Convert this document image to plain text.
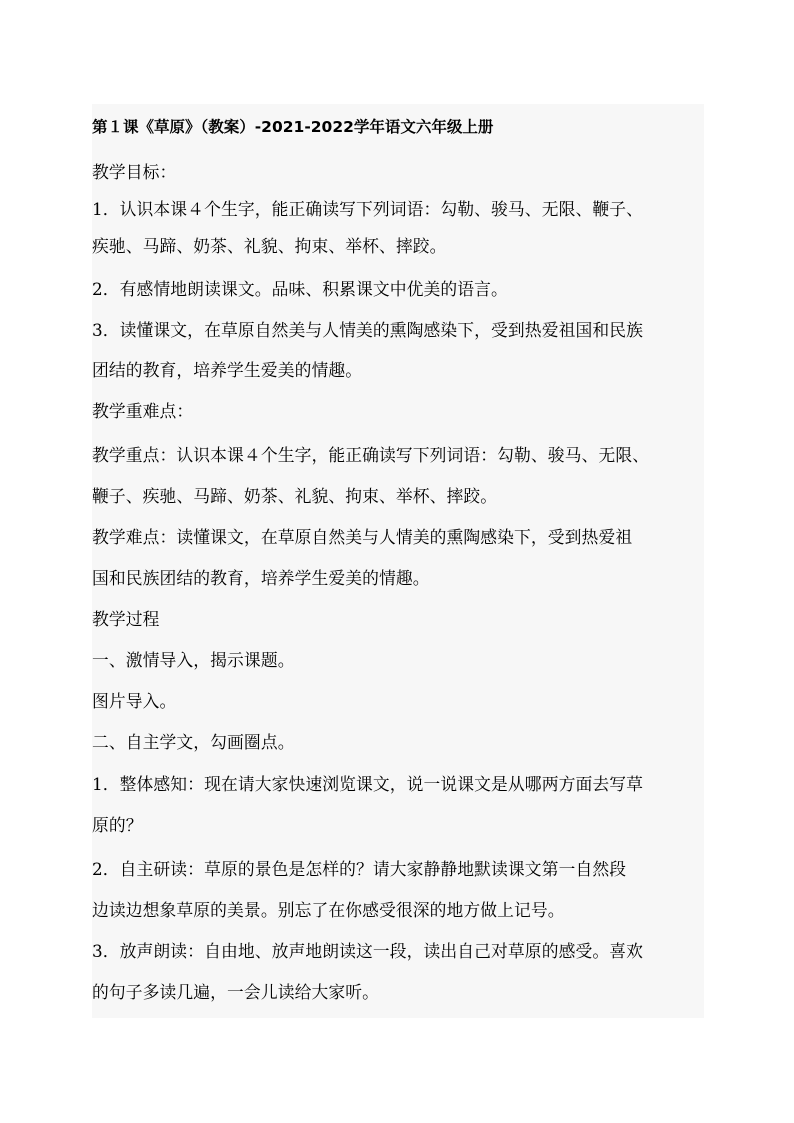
第１课《草原》（教案）-2021-2022学年语文六年级上册
教学目标：
1．认识本课４个生字，能正确读写下列词语：勾勒、骏马、无限、鞭子、
疾驰、马蹄、奶茶、礼貌、拘束、举杯、摔跤。
2．有感情地朗读课文。品味、积累课文中优美的语言。
3．读懂课文，在草原自然美与人情美的熏陶感染下，受到热爱祖国和民族
团结的教育，培养学生爱美的情趣。
教学重难点：
教学重点：认识本课４个生字，能正确读写下列词语：勾勒、骏马、无限、
鞭子、疾驰、马蹄、奶茶、礼貌、拘束、举杯、摔跤。
教学难点：读懂课文，在草原自然美与人情美的熏陶感染下，受到热爱祖
国和民族团结的教育，培养学生爱美的情趣。
教学过程
一、激情导入，揭示课题。
图片导入。
二、自主学文，勾画圈点。
1．整体感知：现在请大家快速浏览课文，说一说课文是从哪两方面去写草
原的？
2．自主研读：草原的景色是怎样的？请大家静静地默读课文第一自然段
边读边想象草原的美景。别忘了在你感受很深的地方做上记号。
3．放声朗读：自由地、放声地朗读这一段，读出自己对草原的感受。喜欢
的句子多读几遍，一会儿读给大家听。
